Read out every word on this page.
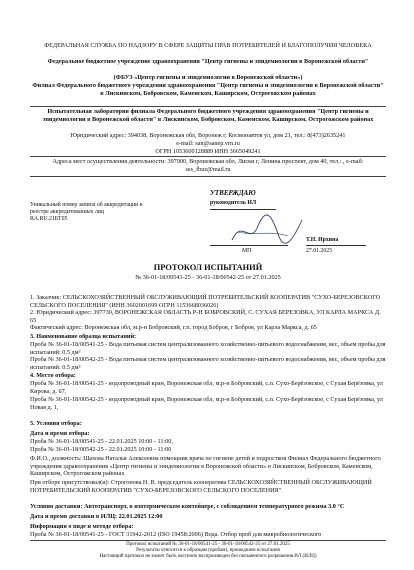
ФЕДЕРАЛЬНАЯ СЛУЖБА ПО НАДЗОРУ В СФЕРЕ ЗАЩИТЫ ПРАВ ПОТРЕБИТЕЛЕЙ И БЛАГОПОЛУЧИЯ ЧЕЛОВЕКА
Федеральное бюджетное учреждение здравоохранения "Центр гигиены и эпидемиологии в Воронежской области"
(ФБУЗ «Центр гигиены и эпидемиологии в Воронежской области»)
Филиал Федерального бюджетного учреждения здравоохранения "Центр гигиены и эпидемиологии в Воронежской области" в Лискинском, Бобровском, Каменском, Каширском, Острогожском районах
Испытательная лаборатория филиала Федерального бюджетного учреждения здравоохранения "Центр гигиены и эпидемиологии в Воронежской области" в Лискинском, Бобровском, Каменском, Каширском, Острогожском районах
Юридический адрес: 394038, Воронежская обл, Воронеж г, Космонавтов ул, дом 21, тел.: 8(473)2635241
e-mail: san@sanep.vrn.ru
ОГРН 1053600128889 ИНН 3665049241
Адреса мест осуществления деятельности: 397900, Воронежская обл, Лиски г, Ленина проспект, дом 40, тел.: , e-mail: ses_fbuz@mail.ru
Уникальный номер записи об аккредитации в реестре аккредитованных лиц
RA.RU.21БТ05
УТВЕРЖДАЮ
руководитель ИЛ
МП
Т.Н. Ирхина
27.01.2025
ПРОТОКОЛ ИСПЫТАНИЙ
№ 36-01-18/00541-25 - 36-01-18/00542-25 от 27.01.2025
1. Заказчик: СЕЛЬСКОХОЗЯЙСТВЕННЫЙ ОБСЛУЖИВАЮЩИЙ ПОТРЕБИТЕЛЬСКИЙ КООПЕРАТИВ "СУХО-БЕРЕЗОВСКОГО СЕЛЬСКОГО ПОСЕЛЕНИЯ" (ИНН 3602001699 ОГРН 1153668036026)
2. Юридический адрес: 397730, ВОРОНЕЖСКАЯ ОБЛАСТЬ Р-Н БОБРОВСКИЙ, С. СУХАЯ БЕРЕЗОВКА, УЛ КАРЛА МАРКСА Д. 65
Фактический адрес: Воронежская обл, м.р-н Бобровский, г.п. город Бобров, г Бобров, ул Карла Маркса, д. 65
3. Наименование образца испытаний:
Проба № 36-01-18/00541-25 - Вода питьевая систем централизованного хозяйственно-питьевого водоснабжения, вес, объем пробы для испытаний: 0.5 дм³
Проба № 36-01-18/00542-25 - Вода питьевая систем централизованного хозяйственно-питьевого водоснабжения, вес, объем пробы для испытаний: 0.5 дм³
4. Место отбора:
Проба № 36-01-18/00541-25 - водопроводный кран, Воронежская обл, м.р-н Бобровский, с.п. Сухо-Берёзовское, с Сухая Берёзовка, ул Кирова, д. 67,
Проба № 36-01-18/00542-25 - водопроводный кран, Воронежская обл, м.р-н Бобровский, с.п. Сухо-Берёзовское, с Сухая Берёзовка, ул Новая д. 1,
5. Условия отбора:
Дата и время отбора:
Проба № 36-01-18/00541-25 - 22.01.2025 10:00 - 11:00,
Проба № 36-01-18/00542-25 - 22.01.2025 10:00 - 11:00
Ф.И.О., должность: Шахова Наталья Алексеевна помощник врача по гигиене детей и подростков Филиал Федерального бюджетного учреждения здравоохранения «Центр гигиены и эпидемиологии в Воронежской области» в Лискинском, Бобровском, Каменском, Каширском, Острогожском районах
При отборе присутствовал(и): Строгонова Н. В. председатель кооператива СЕЛЬСКОХОЗЯЙСТВЕННЫЙ ОБСЛУЖИВАЮЩИЙ ПОТРЕБИТЕЛЬСКИЙ КООПЕРАТИВ "СУХО-БЕРЕЗОВСКОГО СЕЛЬСКОГО ПОСЕЛЕНИЯ"
Условия доставки: Автотранспорт, в изотермическом контейнере, с соблюдением температурного режима 3.0 °С
Дата и время доставки в ИЛЦ: 22.01.2025 12:00
Информация о виде и методе отбора:
Проба № 36-01-18/00541-25 - ГОСТ 31942-2012 (ISO 19458:2006) Вода. Отбор проб для микробиологического
Протокол испытаний № 36-01-18/00541-25 - 36-01-18/00542-25 от 27.01.2025
Результаты относятся к образцам (пробам), прошедшим испытания
Настоящий протокол не может быть частично воспроизведен без письменного разрешения ИЛ (ИЛЦ)
